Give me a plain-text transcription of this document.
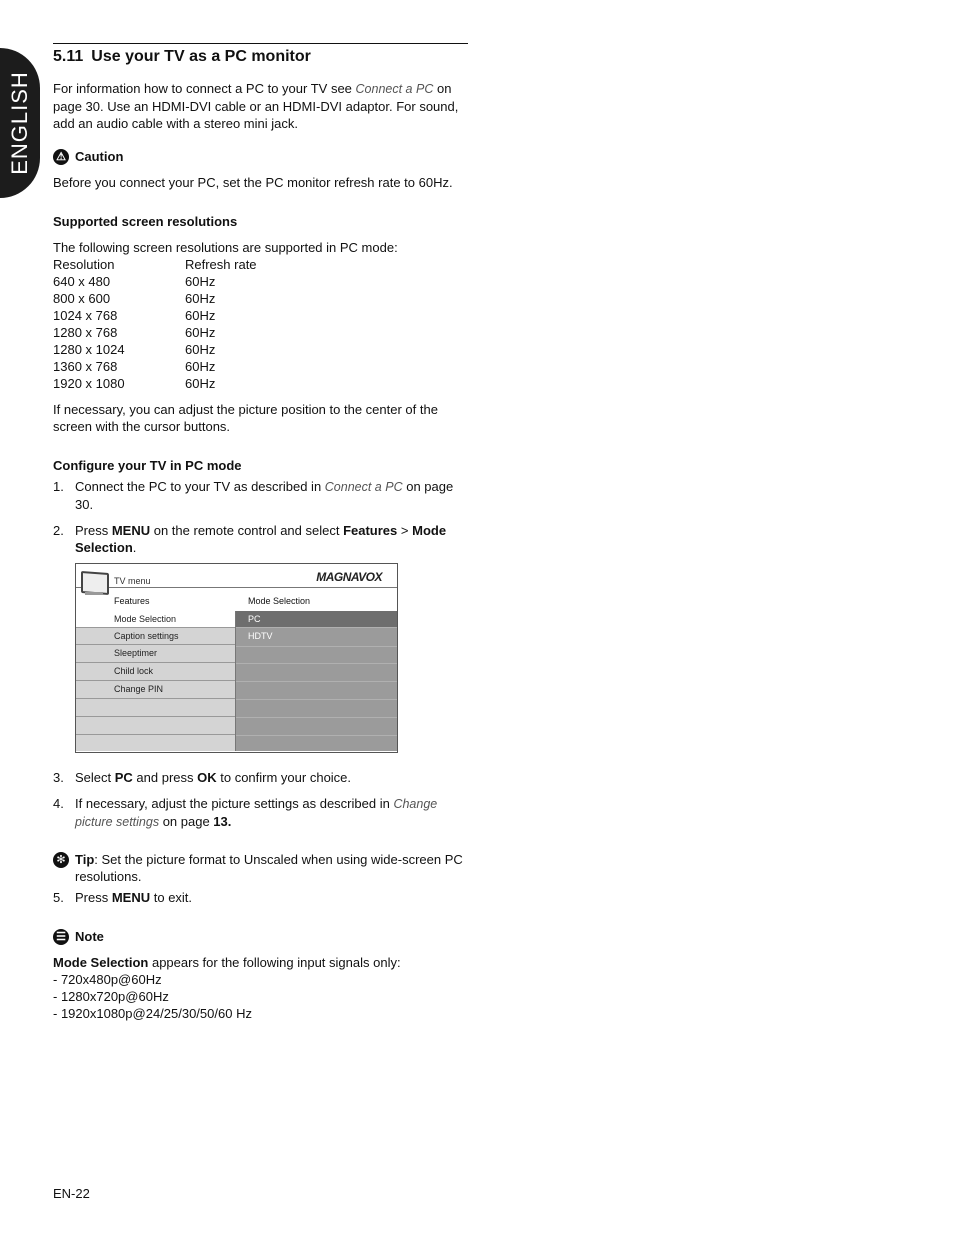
ENGLISH
5.11 Use your TV as a PC monitor

For information how to connect a PC to your TV see Connect a PC on page 30. Use an HDMI-DVI cable or an HDMI-DVI adaptor. For sound, add an audio cable with a stereo mini jack.

⚠ Caution

Before you connect your PC, set the PC monitor refresh rate to 60Hz.

Supported screen resolutions

The following screen resolutions are supported in PC mode:

Resolution	Refresh rate
640 x 480	60Hz
800 x 600	60Hz
1024 x 768	60Hz
1280 x 768	60Hz
1280 x 1024	60Hz
1360 x 768	60Hz
1920 x 1080	60Hz

If necessary, you can adjust the picture position to the center of the screen with the cursor buttons.

Configure your TV in PC mode

1. Connect the PC to your TV as described in Connect a PC on page 30.
2. Press MENU on the remote control and select Features > Mode Selection.
TV menu	MAGNAVOX
Features	Mode Selection
Mode Selection
Caption settings
Sleeptimer
Child lock
Change PIN
PC
HDTV
3. Select PC and press OK to confirm your choice.
4. If necessary, adjust the picture settings as described in Change picture settings on page 13.
✻ Tip: Set the picture format to Unscaled when using wide-screen PC resolutions.
5. Press MENU to exit.
☰ Note

Mode Selection appears for the following input signals only:

- 720x480p@60Hz

- 1280x720p@60Hz

- 1920x1080p@24/25/30/50/60 Hz

EN-22
